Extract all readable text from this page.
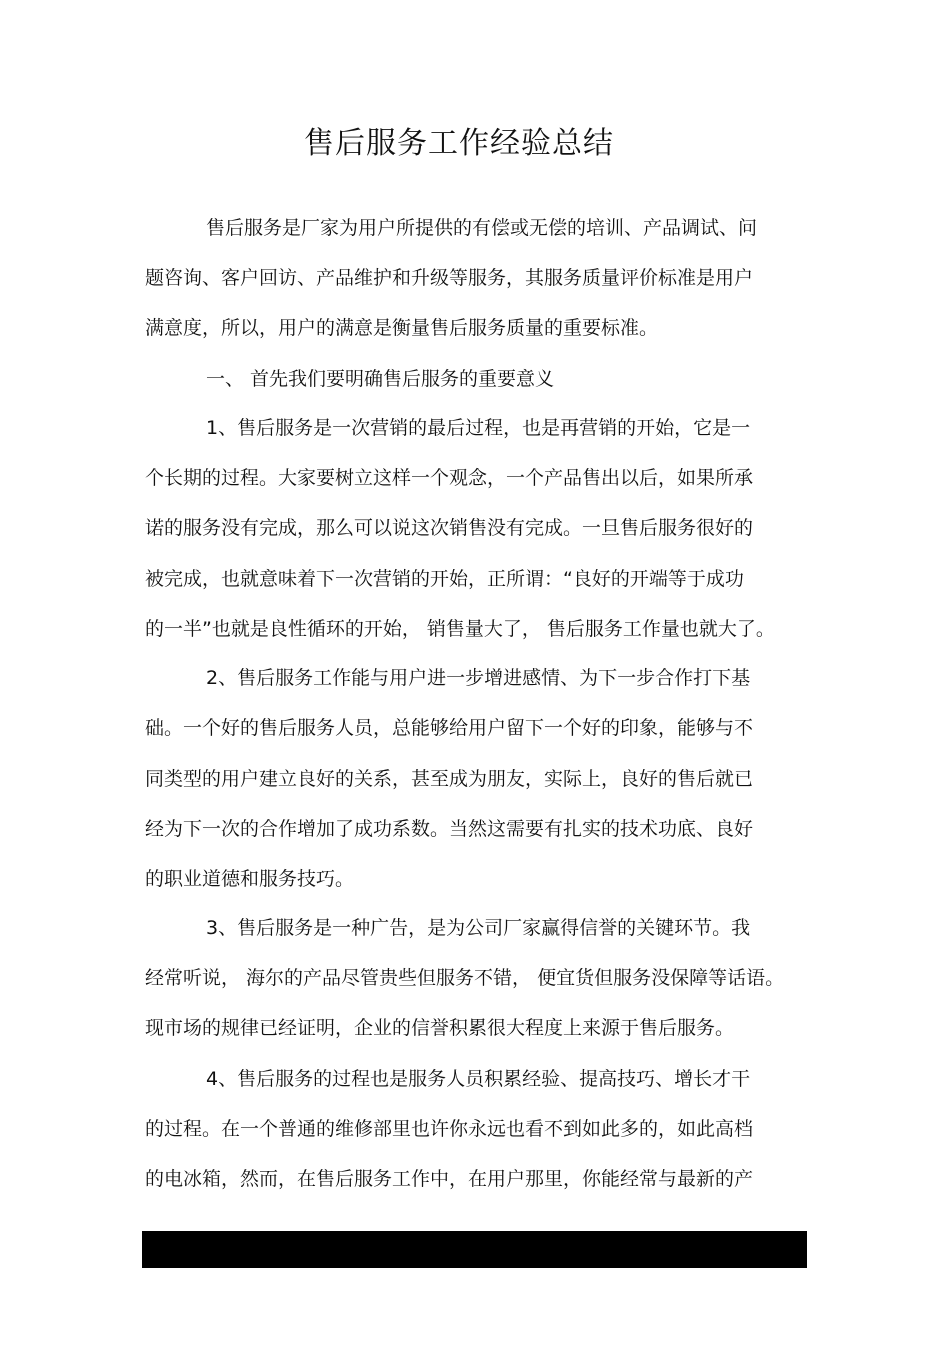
售后服务工作经验总结
售后服务是厂家为用户所提供的有偿或无偿的培训、产品调试、问
题咨询、客户回访、产品维护和升级等服务，其服务质量评价标准是用户
满意度，所以，用户的满意是衡量售后服务质量的重要标准。
一、 首先我们要明确售后服务的重要意义
1、售后服务是一次营销的最后过程，也是再营销的开始，它是一
个长期的过程。大家要树立这样一个观念，一个产品售出以后，如果所承
诺的服务没有完成，那么可以说这次销售没有完成。一旦售后服务很好的
被完成，也就意味着下一次营销的开始，正所谓：“良好的开端等于成功
的一半”也就是良性循环的开始， 销售量大了， 售后服务工作量也就大了。
2、售后服务工作能与用户进一步增进感情、为下一步合作打下基
础。一个好的售后服务人员，总能够给用户留下一个好的印象，能够与不
同类型的用户建立良好的关系，甚至成为朋友，实际上，良好的售后就已
经为下一次的合作增加了成功系数。当然这需要有扎实的技术功底、良好
的职业道德和服务技巧。
3、售后服务是一种广告，是为公司厂家赢得信誉的关键环节。我
经常听说， 海尔的产品尽管贵些但服务不错， 便宜货但服务没保障等话语。
现市场的规律已经证明，企业的信誉积累很大程度上来源于售后服务。
4、售后服务的过程也是服务人员积累经验、提高技巧、增长才干
的过程。在一个普通的维修部里也许你永远也看不到如此多的，如此高档
的电冰箱，然而，在售后服务工作中，在用户那里，你能经常与最新的产
